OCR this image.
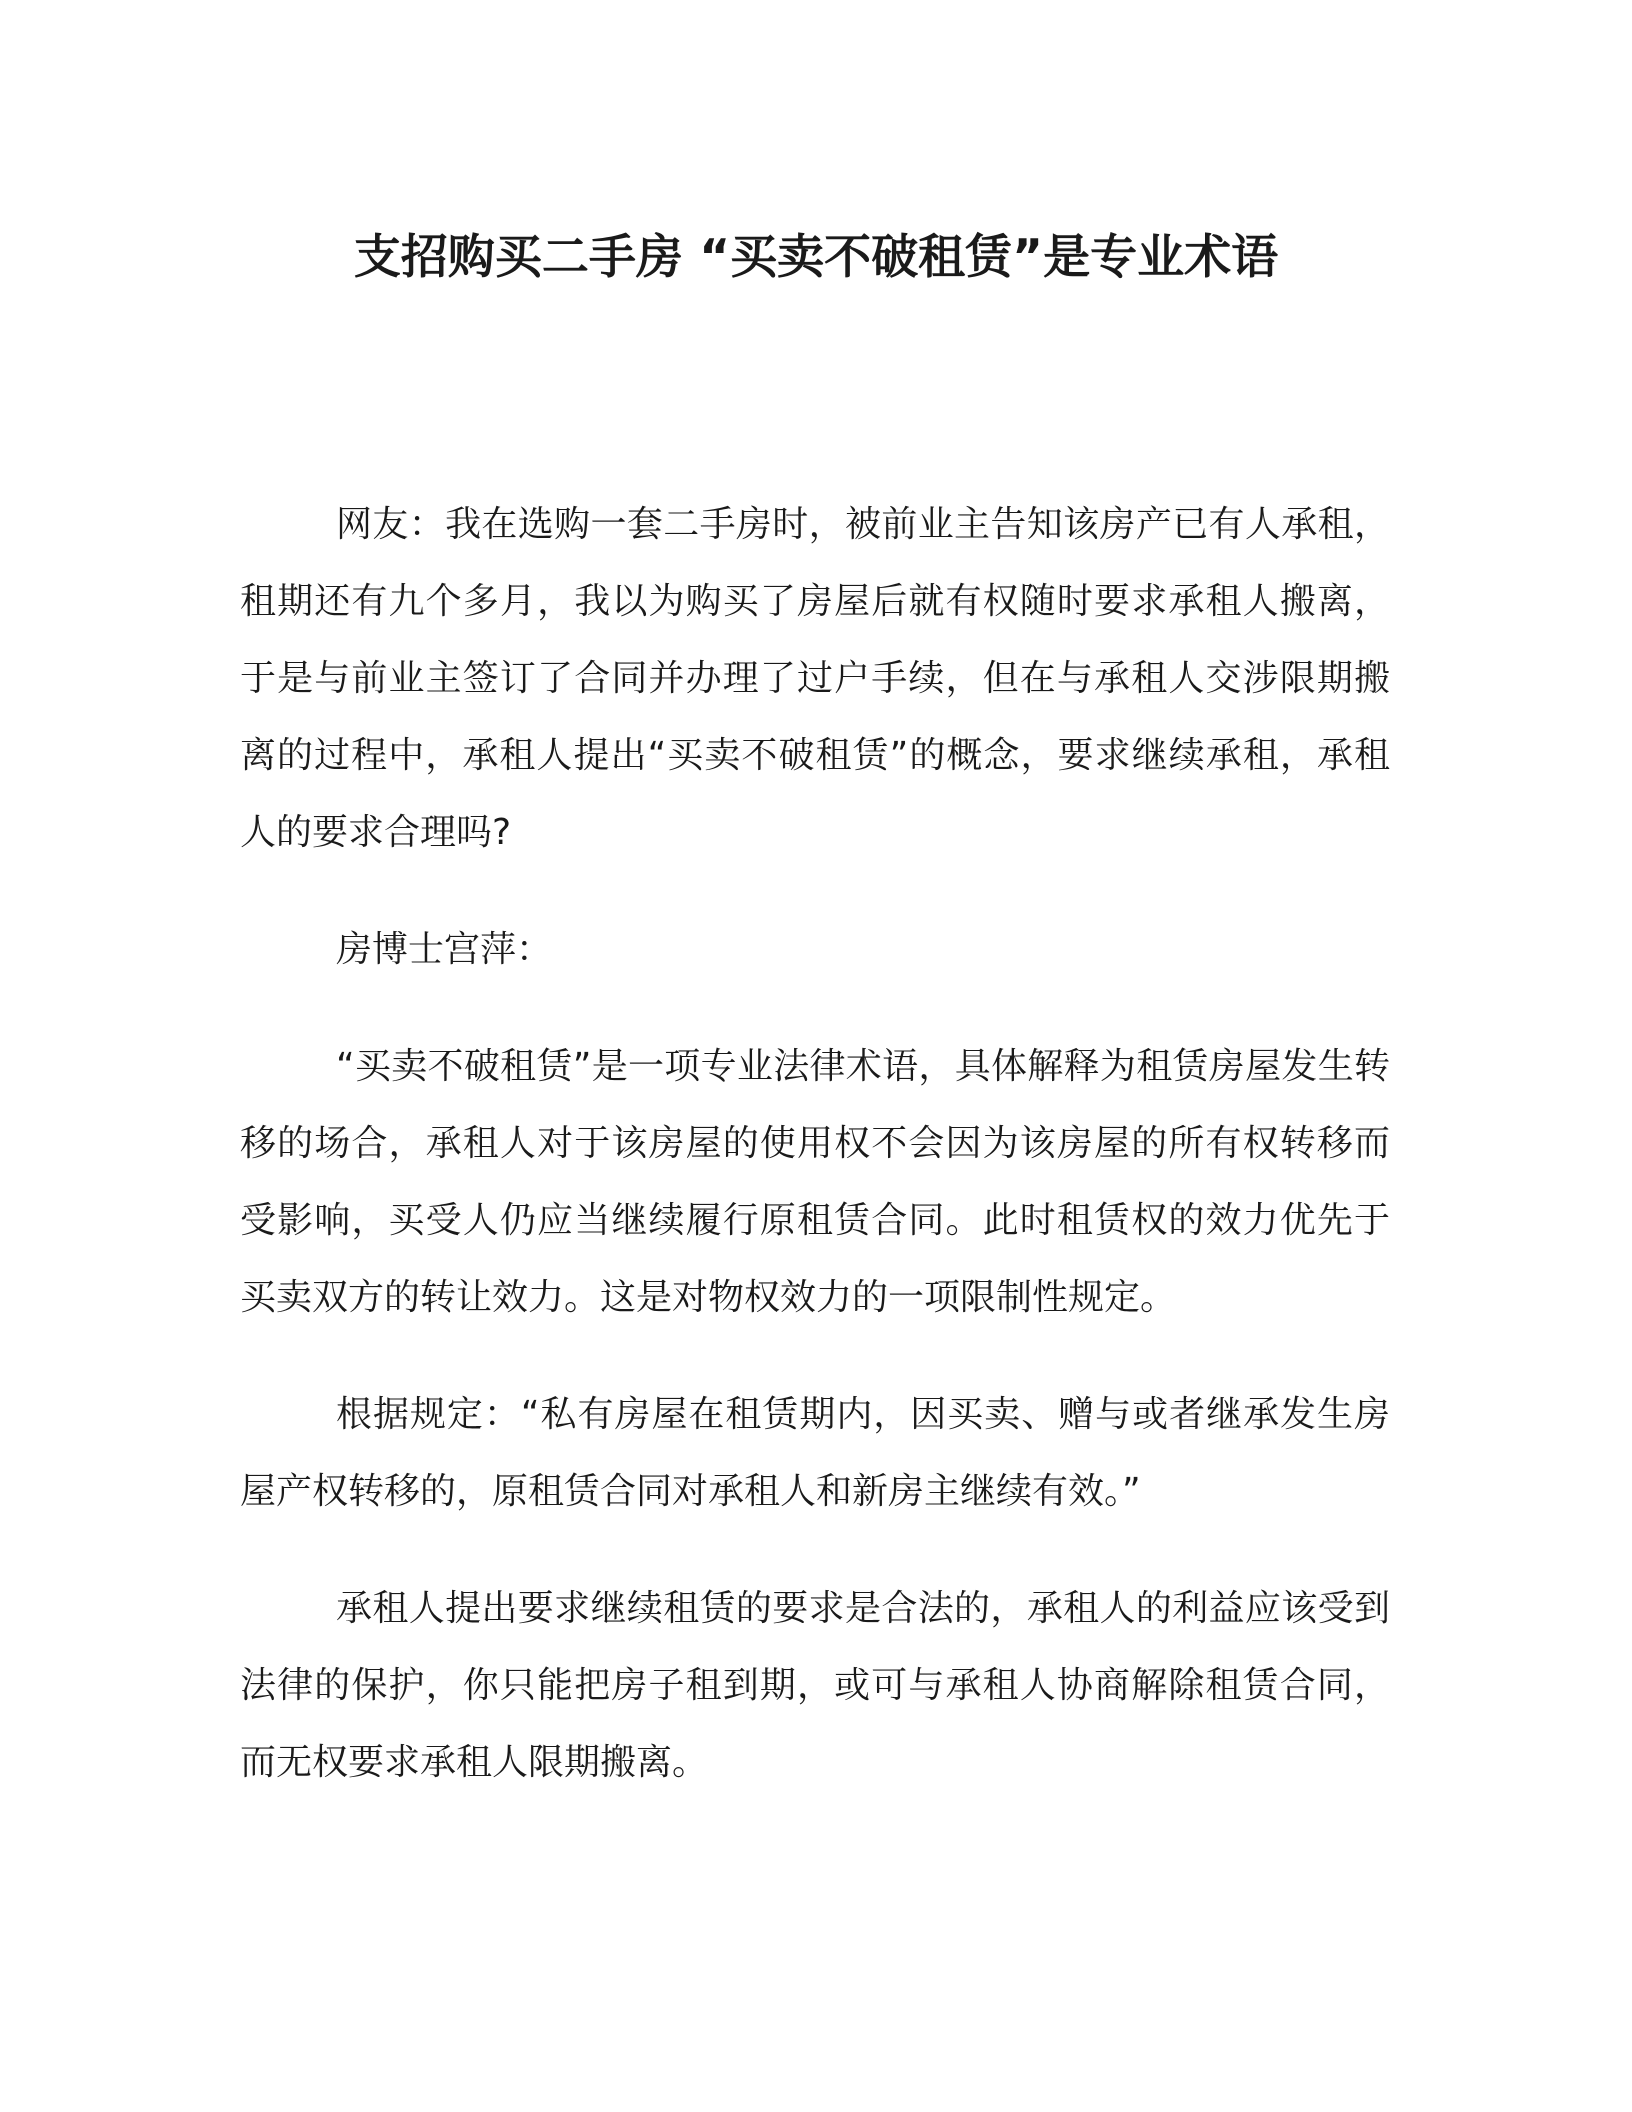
支招购买二手房 “买卖不破租赁”是专业术语

网友：我在选购一套二手房时，被前业主告知该房产已有人承租，租期还有九个多月，我以为购买了房屋后就有权随时要求承租人搬离，于是与前业主签订了合同并办理了过户手续，但在与承租人交涉限期搬离的过程中，承租人提出“买卖不破租赁”的概念，要求继续承租，承租人的要求合理吗?

房博士宫萍：

“买卖不破租赁”是一项专业法律术语，具体解释为租赁房屋发生转移的场合，承租人对于该房屋的使用权不会因为该房屋的所有权转移而受影响，买受人仍应当继续履行原租赁合同。此时租赁权的效力优先于买卖双方的转让效力。这是对物权效力的一项限制性规定。

根据规定：“私有房屋在租赁期内，因买卖、赠与或者继承发生房屋产权转移的，原租赁合同对承租人和新房主继续有效。”

承租人提出要求继续租赁的要求是合法的，承租人的利益应该受到法律的保护，你只能把房子租到期，或可与承租人协商解除租赁合同，而无权要求承租人限期搬离。
